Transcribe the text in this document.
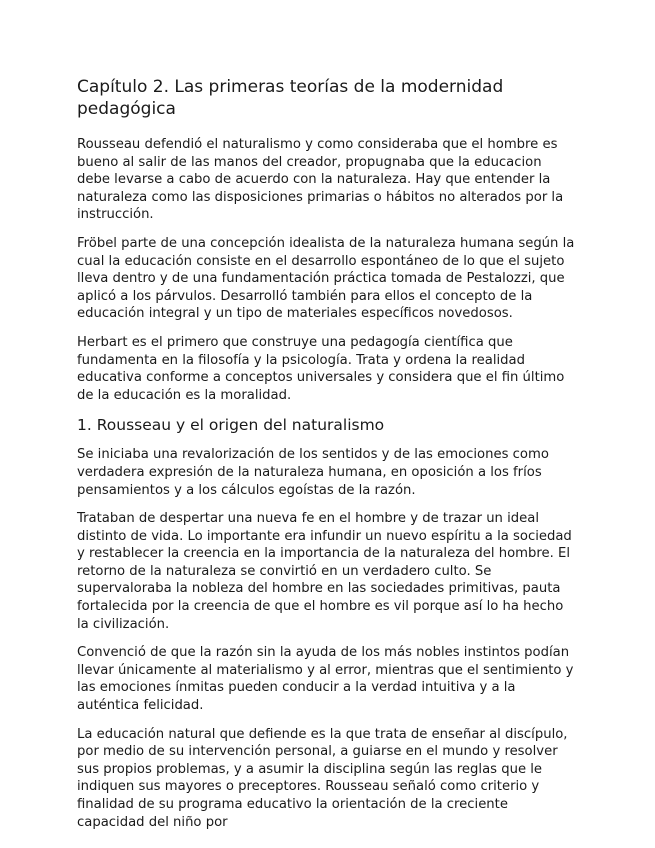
Capítulo 2. Las primeras teorías de la modernidad pedagógica

Rousseau defendió el naturalismo y como consideraba que el hombre es bueno al salir de las manos del creador, propugnaba que la educacion debe levarse a cabo de acuerdo con la naturaleza. Hay que entender la naturaleza como las disposiciones primarias o hábitos no alterados por la instrucción.

Fröbel parte de una concepción idealista de la naturaleza humana según la cual la educación consiste en el desarrollo espontáneo de lo que el sujeto lleva dentro y de una fundamentación práctica tomada de Pestalozzi, que aplicó a los párvulos. Desarrolló también para ellos el concepto de la educación integral y un tipo de materiales específicos novedosos.

Herbart es el primero que construye una pedagogía científica que fundamenta en la filosofía y la psicología. Trata y ordena la realidad educativa conforme a conceptos universales y considera que el fin último de la educación es la moralidad.

1. Rousseau y el origen del naturalismo

Se iniciaba una revalorización de los sentidos y de las emociones como verdadera expresión de la naturaleza humana, en oposición a los fríos pensamientos y a los cálculos egoístas de la razón.

Trataban de despertar una nueva fe en el hombre y de trazar un ideal distinto de vida. Lo importante era infundir un nuevo espíritu a la sociedad y restablecer la creencia en la importancia de la naturaleza del hombre. El retorno de la naturaleza se convirtió en un verdadero culto. Se supervaloraba la nobleza del hombre en las sociedades primitivas, pauta fortalecida por la creencia de que el hombre es vil porque así lo ha hecho la civilización.

Convenció de que la razón sin la ayuda de los más nobles instintos podían llevar únicamente al materialismo y al error, mientras que el sentimiento y las emociones ínmitas pueden conducir a la verdad intuitiva y a la auténtica felicidad.

La educación natural que defiende es la que trata de enseñar al discípulo, por medio de su intervención personal, a guiarse en el mundo y resolver sus propios problemas, y a asumir la disciplina según las reglas que le indiquen sus mayores o preceptores. Rousseau señaló como criterio y finalidad de su programa educativo la orientación de la creciente capacidad del niño por
